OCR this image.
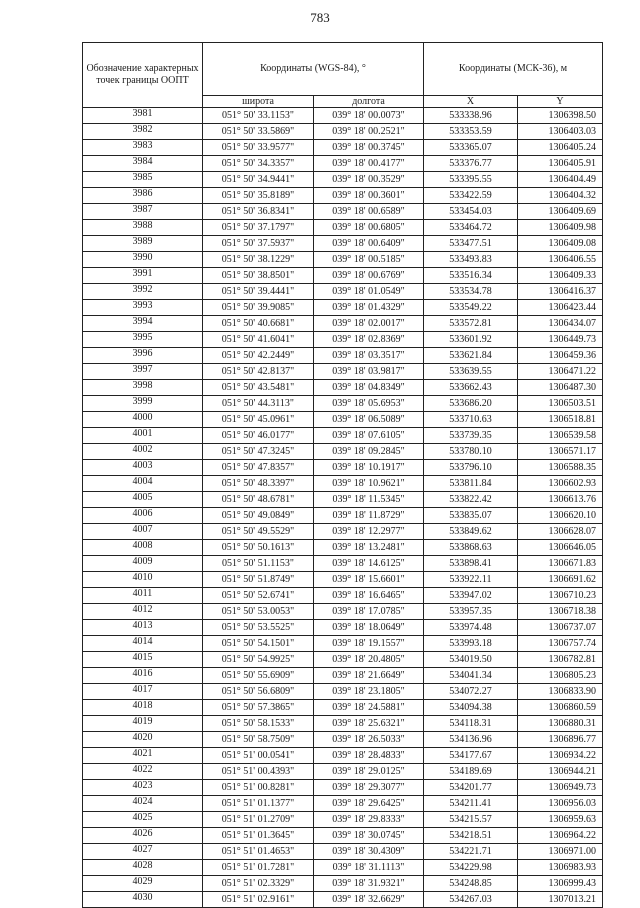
783
Обозначение характерных точек границы ООПТ	Координаты (WGS-84), °		Координаты (МСК-36), м	
	широта	долгота	X	Y
3981	051° 50' 33.1153"	039° 18' 00.0073"	533338.96	1306398.50
3982	051° 50' 33.5869"	039° 18' 00.2521"	533353.59	1306403.03
3983	051° 50' 33.9577"	039° 18' 00.3745"	533365.07	1306405.24
3984	051° 50' 34.3357"	039° 18' 00.4177"	533376.77	1306405.91
3985	051° 50' 34.9441"	039° 18' 00.3529"	533395.55	1306404.49
3986	051° 50' 35.8189"	039° 18' 00.3601"	533422.59	1306404.32
3987	051° 50' 36.8341"	039° 18' 00.6589"	533454.03	1306409.69
3988	051° 50' 37.1797"	039° 18' 00.6805"	533464.72	1306409.98
3989	051° 50' 37.5937"	039° 18' 00.6409"	533477.51	1306409.08
3990	051° 50' 38.1229"	039° 18' 00.5185"	533493.83	1306406.55
3991	051° 50' 38.8501"	039° 18' 00.6769"	533516.34	1306409.33
3992	051° 50' 39.4441"	039° 18' 01.0549"	533534.78	1306416.37
3993	051° 50' 39.9085"	039° 18' 01.4329"	533549.22	1306423.44
3994	051° 50' 40.6681"	039° 18' 02.0017"	533572.81	1306434.07
3995	051° 50' 41.6041"	039° 18' 02.8369"	533601.92	1306449.73
3996	051° 50' 42.2449"	039° 18' 03.3517"	533621.84	1306459.36
3997	051° 50' 42.8137"	039° 18' 03.9817"	533639.55	1306471.22
3998	051° 50' 43.5481"	039° 18' 04.8349"	533662.43	1306487.30
3999	051° 50' 44.3113"	039° 18' 05.6953"	533686.20	1306503.51
4000	051° 50' 45.0961"	039° 18' 06.5089"	533710.63	1306518.81
4001	051° 50' 46.0177"	039° 18' 07.6105"	533739.35	1306539.58
4002	051° 50' 47.3245"	039° 18' 09.2845"	533780.10	1306571.17
4003	051° 50' 47.8357"	039° 18' 10.1917"	533796.10	1306588.35
4004	051° 50' 48.3397"	039° 18' 10.9621"	533811.84	1306602.93
4005	051° 50' 48.6781"	039° 18' 11.5345"	533822.42	1306613.76
4006	051° 50' 49.0849"	039° 18' 11.8729"	533835.07	1306620.10
4007	051° 50' 49.5529"	039° 18' 12.2977"	533849.62	1306628.07
4008	051° 50' 50.1613"	039° 18' 13.2481"	533868.63	1306646.05
4009	051° 50' 51.1153"	039° 18' 14.6125"	533898.41	1306671.83
4010	051° 50' 51.8749"	039° 18' 15.6601"	533922.11	1306691.62
4011	051° 50' 52.6741"	039° 18' 16.6465"	533947.02	1306710.23
4012	051° 50' 53.0053"	039° 18' 17.0785"	533957.35	1306718.38
4013	051° 50' 53.5525"	039° 18' 18.0649"	533974.48	1306737.07
4014	051° 50' 54.1501"	039° 18' 19.1557"	533993.18	1306757.74
4015	051° 50' 54.9925"	039° 18' 20.4805"	534019.50	1306782.81
4016	051° 50' 55.6909"	039° 18' 21.6649"	534041.34	1306805.23
4017	051° 50' 56.6809"	039° 18' 23.1805"	534072.27	1306833.90
4018	051° 50' 57.3865"	039° 18' 24.5881"	534094.38	1306860.59
4019	051° 50' 58.1533"	039° 18' 25.6321"	534118.31	1306880.31
4020	051° 50' 58.7509"	039° 18' 26.5033"	534136.96	1306896.77
4021	051° 51' 00.0541"	039° 18' 28.4833"	534177.67	1306934.22
4022	051° 51' 00.4393"	039° 18' 29.0125"	534189.69	1306944.21
4023	051° 51' 00.8281"	039° 18' 29.3077"	534201.77	1306949.73
4024	051° 51' 01.1377"	039° 18' 29.6425"	534211.41	1306956.03
4025	051° 51' 01.2709"	039° 18' 29.8333"	534215.57	1306959.63
4026	051° 51' 01.3645"	039° 18' 30.0745"	534218.51	1306964.22
4027	051° 51' 01.4653"	039° 18' 30.4309"	534221.71	1306971.00
4028	051° 51' 01.7281"	039° 18' 31.1113"	534229.98	1306983.93
4029	051° 51' 02.3329"	039° 18' 31.9321"	534248.85	1306999.43
4030	051° 51' 02.9161"	039° 18' 32.6629"	534267.03	1307013.21
